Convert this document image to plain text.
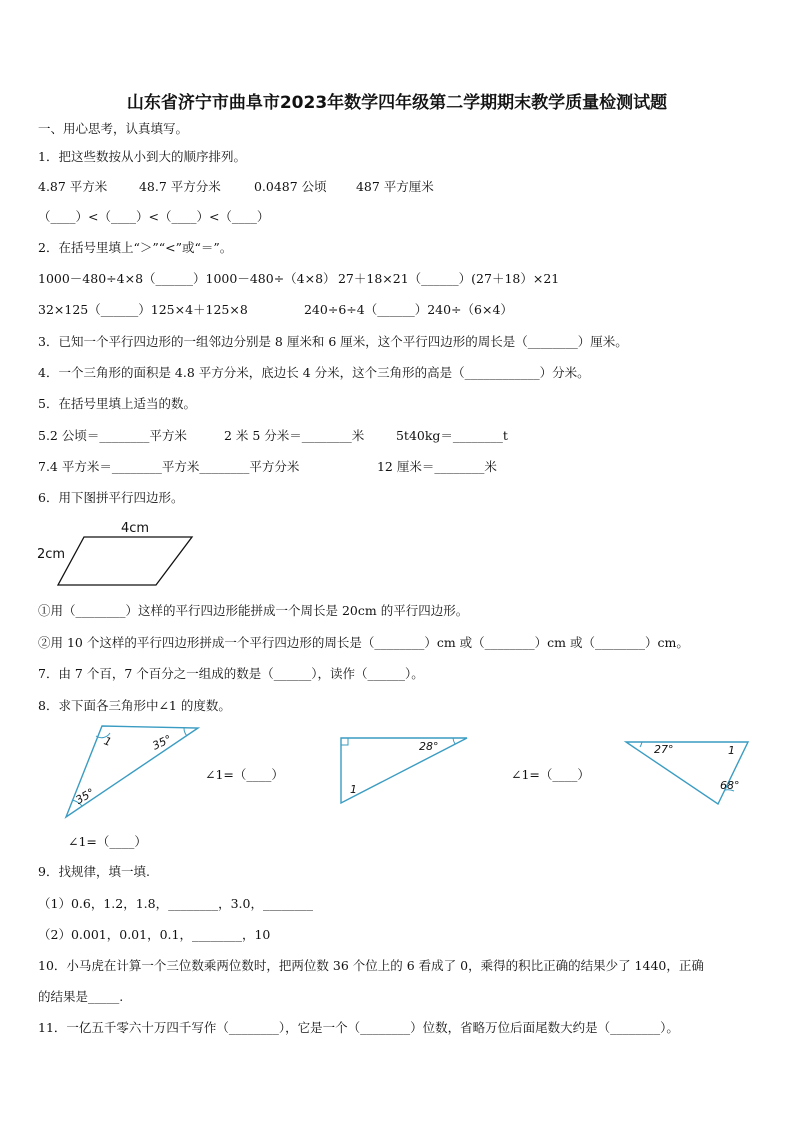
山东省济宁市曲阜市2023年数学四年级第二学期期末教学质量检测试题
一、用心思考，认真填写。
1．把这些数按从小到大的顺序排列。
4.87 平方米	48.7 平方分米	0.0487 公顷 487 平方厘米
（____）<（____）<（____）<（____）
2．在括号里填上“＞”“<”或“＝”。
1000－480÷4×8（______）1000－480÷（4×8） 27＋18×21（______）(27＋18）×21
32×125（______）125×4＋125×8	240÷6÷4（______）240÷（6×4）
3．已知一个平行四边形的一组邻边分别是 8 厘米和 6 厘米，这个平行四边形的周长是（________）厘米。
4．一个三角形的面积是 4.8 平方分米，底边长 4 分米，这个三角形的高是（____________）分米。
5．在括号里填上适当的数。
5.2 公顷＝________平方米	2 米 5 分米＝________米	5t40kg＝________t
7.4 平方米＝________平方米________平方分米	12 厘米＝________米
6．用下图拼平行四边形。
4cm
2cm
①用（________）这样的平行四边形能拼成一个周长是 20cm 的平行四边形。
②用 10 个这样的平行四边形拼成一个平行四边形的周长是（________）cm 或（________）cm 或（________）cm。
7．由 7 个百，7 个百分之一组成的数是（______），读作（______）。
8．求下面各三角形中∠1 的度数。
1	35°
35°
∠1=（____）
28°
1
∠1=（____）
27°	1
68°
∠1=（____）
9．找规律，填一填.
（1）0.6，1.2，1.8，________，3.0，________
（2）0.001，0.01，0.1，________，10
10．小马虎在计算一个三位数乘两位数时，把两位数 36 个位上的 6 看成了 0，乘得的积比正确的结果少了 1440，正确
的结果是_____.
11．一亿五千零六十万四千写作（________），它是一个（________）位数，省略万位后面尾数大约是（________）。
